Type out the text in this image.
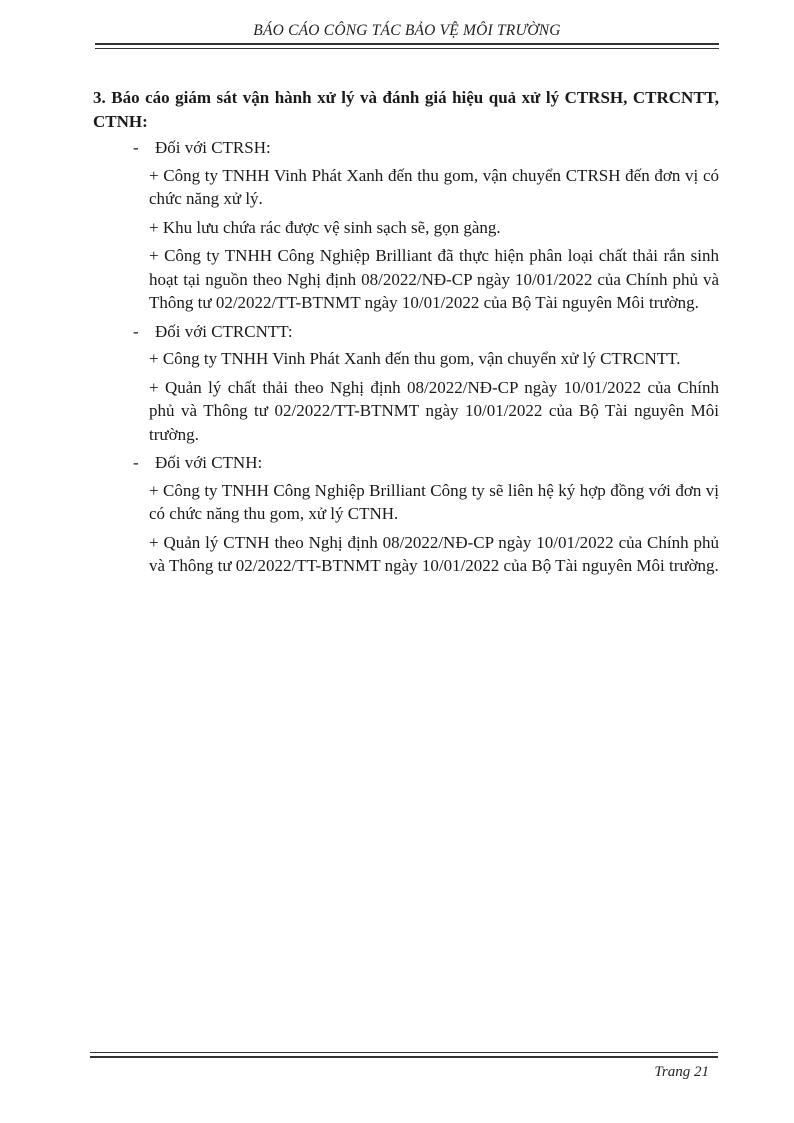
BÁO CÁO CÔNG TÁC BẢO VỆ MÔI TRƯỜNG
3. Báo cáo giám sát vận hành xử lý và đánh giá hiệu quả xử lý CTRSH, CTRCNTT, CTNH:
- Đối với CTRSH:
+ Công ty TNHH Vinh Phát Xanh đến thu gom, vận chuyển CTRSH đến đơn vị có chức năng xử lý.
+ Khu lưu chứa rác được vệ sinh sạch sẽ, gọn gàng.
+ Công ty TNHH Công Nghiệp Brilliant đã thực hiện phân loại chất thải rắn sinh hoạt tại nguồn theo Nghị định 08/2022/NĐ-CP ngày 10/01/2022 của Chính phủ và Thông tư 02/2022/TT-BTNMT ngày 10/01/2022 của Bộ Tài nguyên Môi trường.
- Đối với CTRCNTT:
+ Công ty TNHH Vinh Phát Xanh đến thu gom, vận chuyển xử lý CTRCNTT.
+ Quản lý chất thải theo Nghị định 08/2022/NĐ-CP ngày 10/01/2022 của Chính phủ và Thông tư 02/2022/TT-BTNMT ngày 10/01/2022 của Bộ Tài nguyên Môi trường.
- Đối với CTNH:
+ Công ty TNHH Công Nghiệp Brilliant Công ty sẽ liên hệ ký hợp đồng với đơn vị có chức năng thu gom, xử lý CTNH.
+ Quản lý CTNH theo Nghị định 08/2022/NĐ-CP ngày 10/01/2022 của Chính phủ và Thông tư 02/2022/TT-BTNMT ngày 10/01/2022 của Bộ Tài nguyên Môi trường.
Trang 21
